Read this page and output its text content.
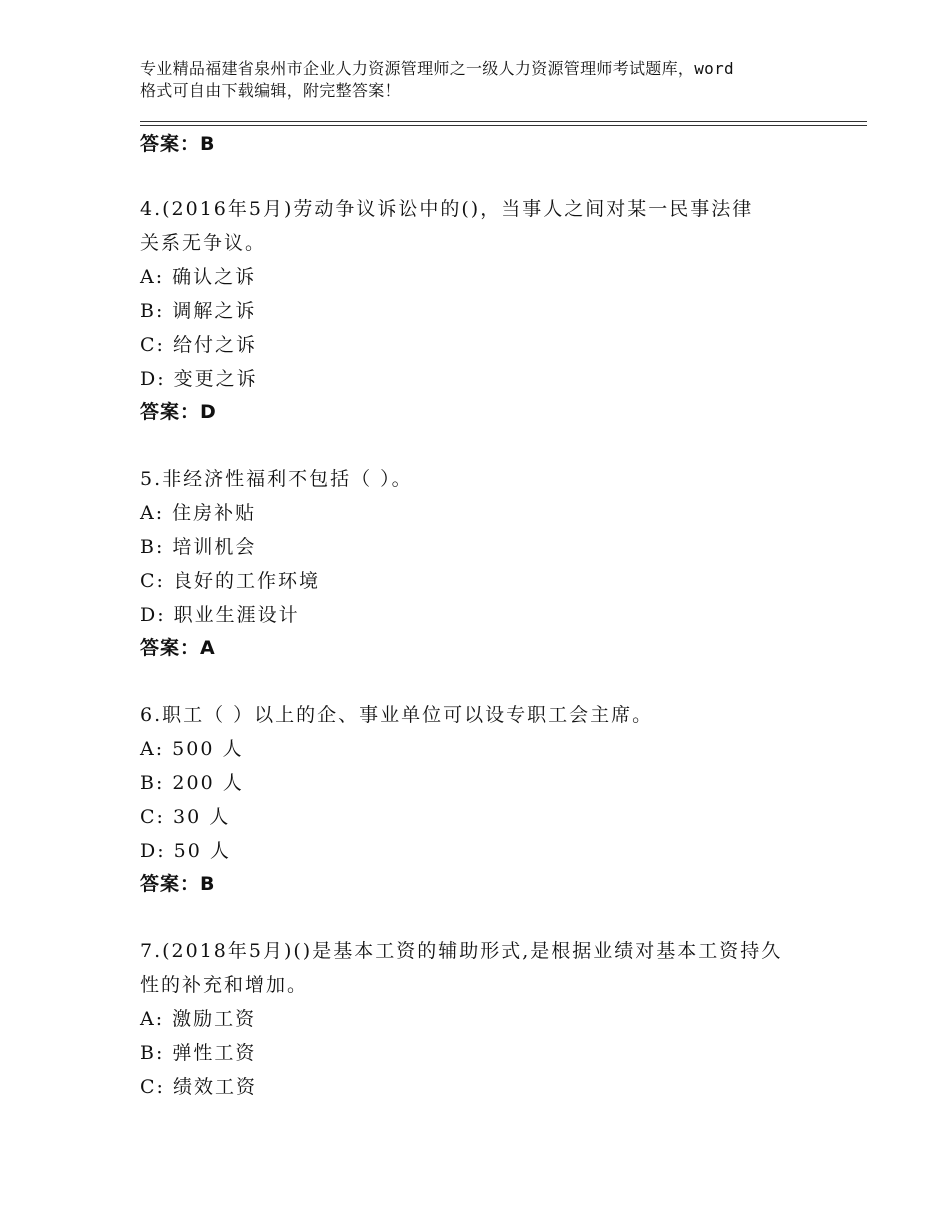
专业精品福建省泉州市企业人力资源管理师之一级人力资源管理师考试题库，word
格式可自由下载编辑，附完整答案！
答案：B
4.(2016年5月)劳动争议诉讼中的()，当事人之间对某一民事法律
关系无争议。
A: 确认之诉
B: 调解之诉
C: 给付之诉
D: 变更之诉
答案：D
5.非经济性福利不包括（ ）。
A: 住房补贴
B: 培训机会
C: 良好的工作环境
D: 职业生涯设计
答案：A
6.职工（ ）以上的企、事业单位可以设专职工会主席。
A: 500 人
B: 200 人
C: 30 人
D: 50 人
答案：B
7.(2018年5月)()是基本工资的辅助形式,是根据业绩对基本工资持久
性的补充和增加。
A: 激励工资
B: 弹性工资
C: 绩效工资
